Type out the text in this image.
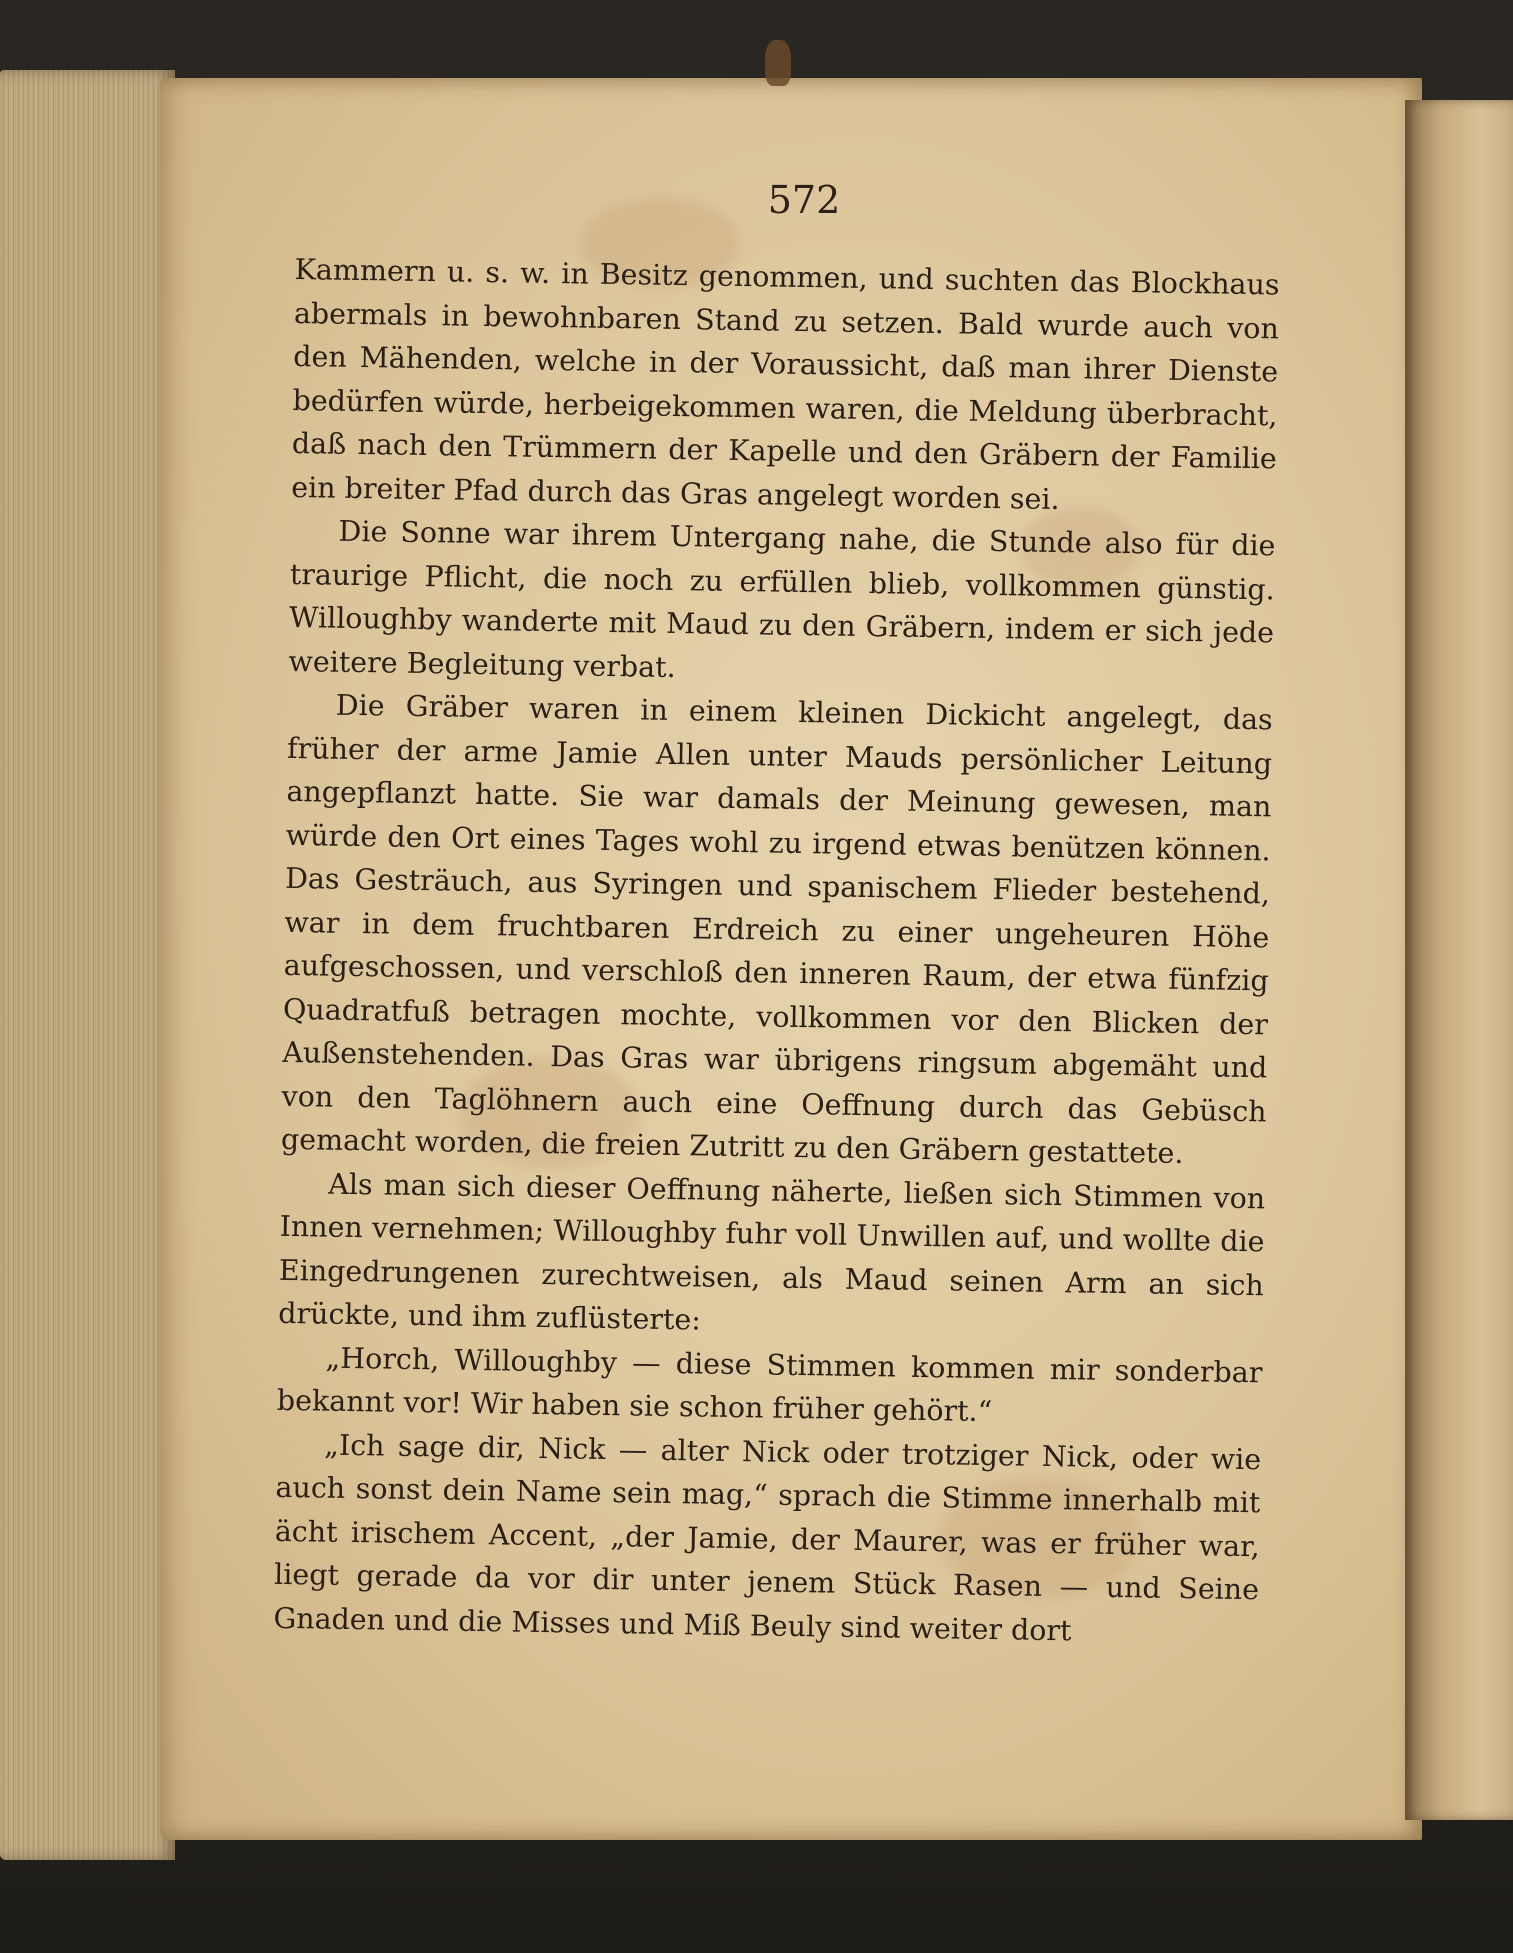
572

Kammern u. s. w. in Besitz genommen, und suchten das Blockhaus abermals in bewohnbaren Stand zu setzen. Bald wurde auch von den Mähenden, welche in der Voraussicht, daß man ihrer Dienste bedürfen würde, herbeigekommen waren, die Meldung überbracht, daß nach den Trümmern der Kapelle und den Gräbern der Familie ein breiter Pfad durch das Gras angelegt worden sei.

Die Sonne war ihrem Untergang nahe, die Stunde also für die traurige Pflicht, die noch zu erfüllen blieb, vollkommen günstig. Willoughby wanderte mit Maud zu den Gräbern, indem er sich jede weitere Begleitung verbat.

Die Gräber waren in einem kleinen Dickicht angelegt, das früher der arme Jamie Allen unter Mauds persönlicher Leitung angepflanzt hatte. Sie war damals der Meinung gewesen, man würde den Ort eines Tages wohl zu irgend etwas benützen können. Das Gesträuch, aus Syringen und spanischem Flieder bestehend, war in dem fruchtbaren Erdreich zu einer ungeheuren Höhe aufgeschossen, und verschloß den inneren Raum, der etwa fünfzig Quadratfuß betragen mochte, vollkommen vor den Blicken der Außenstehenden. Das Gras war übrigens ringsum abgemäht und von den Taglöhnern auch eine Oeffnung durch das Gebüsch gemacht worden, die freien Zutritt zu den Gräbern gestattete.

Als man sich dieser Oeffnung näherte, ließen sich Stimmen von Innen vernehmen; Willoughby fuhr voll Unwillen auf, und wollte die Eingedrungenen zurechtweisen, als Maud seinen Arm an sich drückte, und ihm zuflüsterte:

„Horch, Willoughby — diese Stimmen kommen mir sonderbar bekannt vor! Wir haben sie schon früher gehört.“

„Ich sage dir, Nick — alter Nick oder trotziger Nick, oder wie auch sonst dein Name sein mag,“ sprach die Stimme innerhalb mit ächt irischem Accent, „der Jamie, der Maurer, was er früher war, liegt gerade da vor dir unter jenem Stück Rasen — und Seine Gnaden und die Misses und Miß Beuly sind weiter dort
